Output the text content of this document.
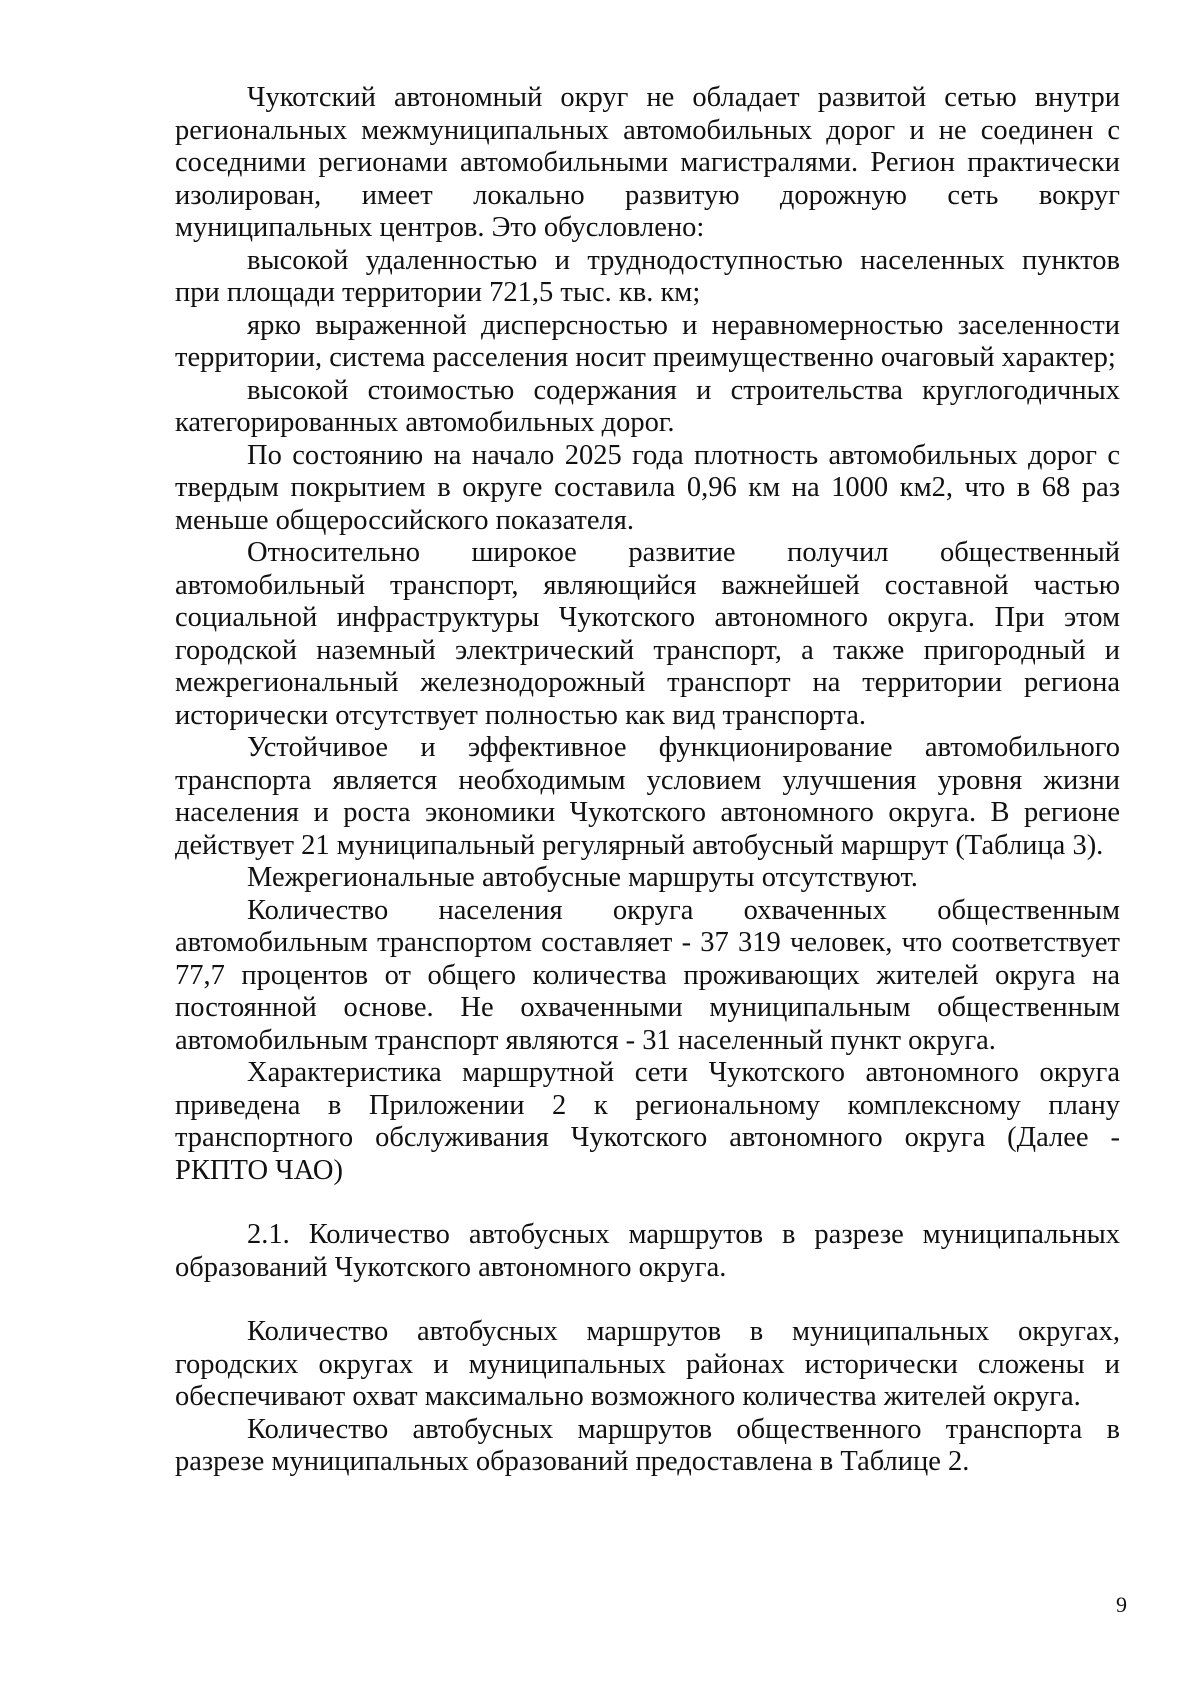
Чукотский автономный округ не обладает развитой сетью внутри региональных межмуниципальных автомобильных дорог и не соединен с соседними регионами автомобильными магистралями. Регион практически изолирован, имеет локально развитую дорожную сеть вокруг муниципальных центров. Это обусловлено:

высокой удаленностью и труднодоступностью населенных пунктов при площади территории 721,5 тыс. кв. км;

ярко выраженной дисперсностью и неравномерностью заселенности территории, система расселения носит преимущественно очаговый характер;

высокой стоимостью содержания и строительства круглогодичных категорированных автомобильных дорог.

По состоянию на начало 2025 года плотность автомобильных дорог с твердым покрытием в округе составила 0,96 км на 1000 км2, что в 68 раз меньше общероссийского показателя.

Относительно широкое развитие получил общественный автомобильный транспорт, являющийся важнейшей составной частью социальной инфраструктуры Чукотского автономного округа. При этом городской наземный электрический транспорт, а также пригородный и межрегиональный железнодорожный транспорт на территории региона исторически отсутствует полностью как вид транспорта.

Устойчивое и эффективное функционирование автомобильного транспорта является необходимым условием улучшения уровня жизни населения и роста экономики Чукотского автономного округа. В регионе действует 21 муниципальный регулярный автобусный маршрут (Таблица 3).

Межрегиональные автобусные маршруты отсутствуют.

Количество населения округа охваченных общественным автомобильным транспортом составляет - 37 319 человек, что соответствует 77,7 процентов от общего количества проживающих жителей округа на постоянной основе. Не охваченными муниципальным общественным автомобильным транспорт являются - 31 населенный пункт округа.

Характеристика маршрутной сети Чукотского автономного округа приведена в Приложении 2 к региональному комплексному плану транспортного обслуживания Чукотского автономного округа (Далее - РКПТО ЧАО)

2.1. Количество автобусных маршрутов в разрезе муниципальных образований Чукотского автономного округа.

Количество автобусных маршрутов в муниципальных округах, городских округах и муниципальных районах исторически сложены и обеспечивают охват максимально возможного количества жителей округа.

Количество автобусных маршрутов общественного транспорта в разрезе муниципальных образований предоставлена в Таблице 2.

9
